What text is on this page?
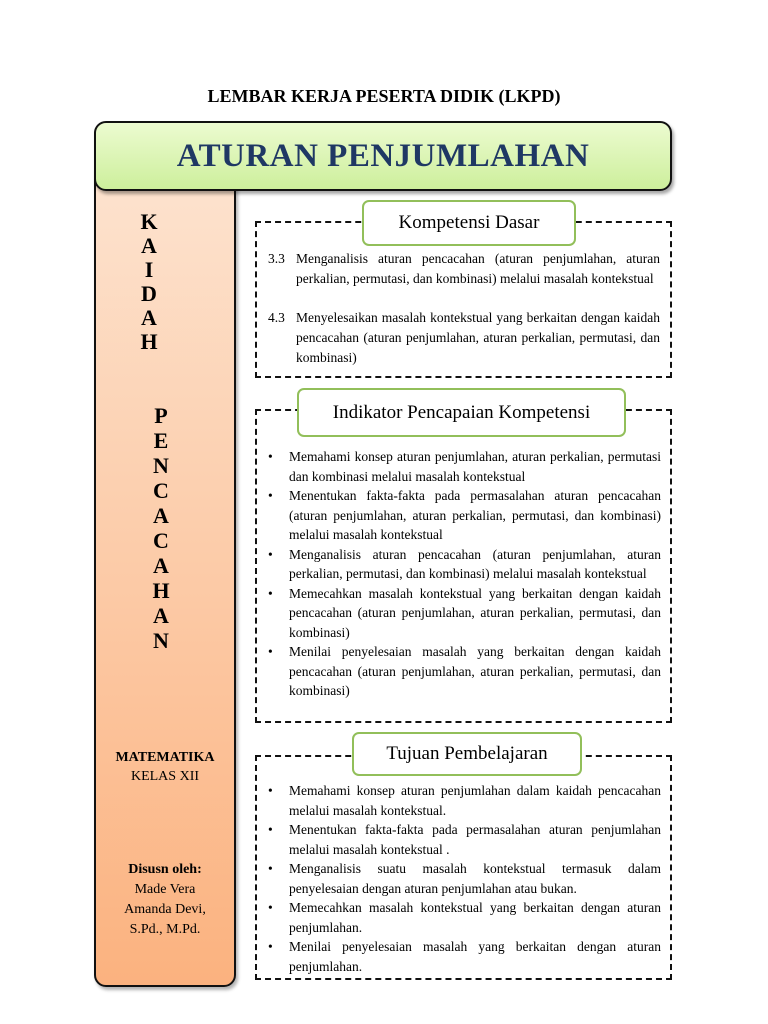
LEMBAR KERJA PESERTA DIDIK (LKPD)
ATURAN PENJUMLAHAN
K
A
I
D
A
H
P
E
N
C
A
C
A
H
A
N
MATEMATIKA
KELAS XII
Disusn oleh:
Made Vera
Amanda Devi,
S.Pd., M.Pd.
Kompetensi Dasar
3.3 Menganalisis aturan pencacahan (aturan penjumlahan, aturan perkalian, permutasi, dan kombinasi) melalui masalah kontekstual
4.3 Menyelesaikan masalah kontekstual yang berkaitan dengan kaidah pencacahan (aturan penjumlahan, aturan perkalian, permutasi, dan kombinasi)
Indikator Pencapaian Kompetensi
•	Memahami konsep aturan penjumlahan, aturan perkalian, permutasi dan kombinasi melalui masalah kontekstual
•	Menentukan fakta-fakta pada permasalahan aturan pencacahan (aturan penjumlahan, aturan perkalian, permutasi, dan kombinasi) melalui masalah kontekstual
•	Menganalisis aturan pencacahan (aturan penjumlahan, aturan perkalian, permutasi, dan kombinasi) melalui masalah kontekstual
•	Memecahkan masalah kontekstual yang berkaitan dengan kaidah pencacahan (aturan penjumlahan, aturan perkalian, permutasi, dan kombinasi)
•	Menilai penyelesaian masalah yang berkaitan dengan kaidah pencacahan (aturan penjumlahan, aturan perkalian, permutasi, dan kombinasi)
Tujuan Pembelajaran
•	Memahami konsep aturan penjumlahan dalam kaidah pencacahan melalui masalah kontekstual.
•	Menentukan fakta-fakta pada permasalahan aturan penjumlahan melalui masalah kontekstual .
•	Menganalisis suatu masalah kontekstual termasuk dalam penyelesaian dengan aturan penjumlahan atau bukan.
•	Memecahkan masalah kontekstual yang berkaitan dengan aturan penjumlahan.
•	Menilai penyelesaian masalah yang berkaitan dengan aturan penjumlahan.
